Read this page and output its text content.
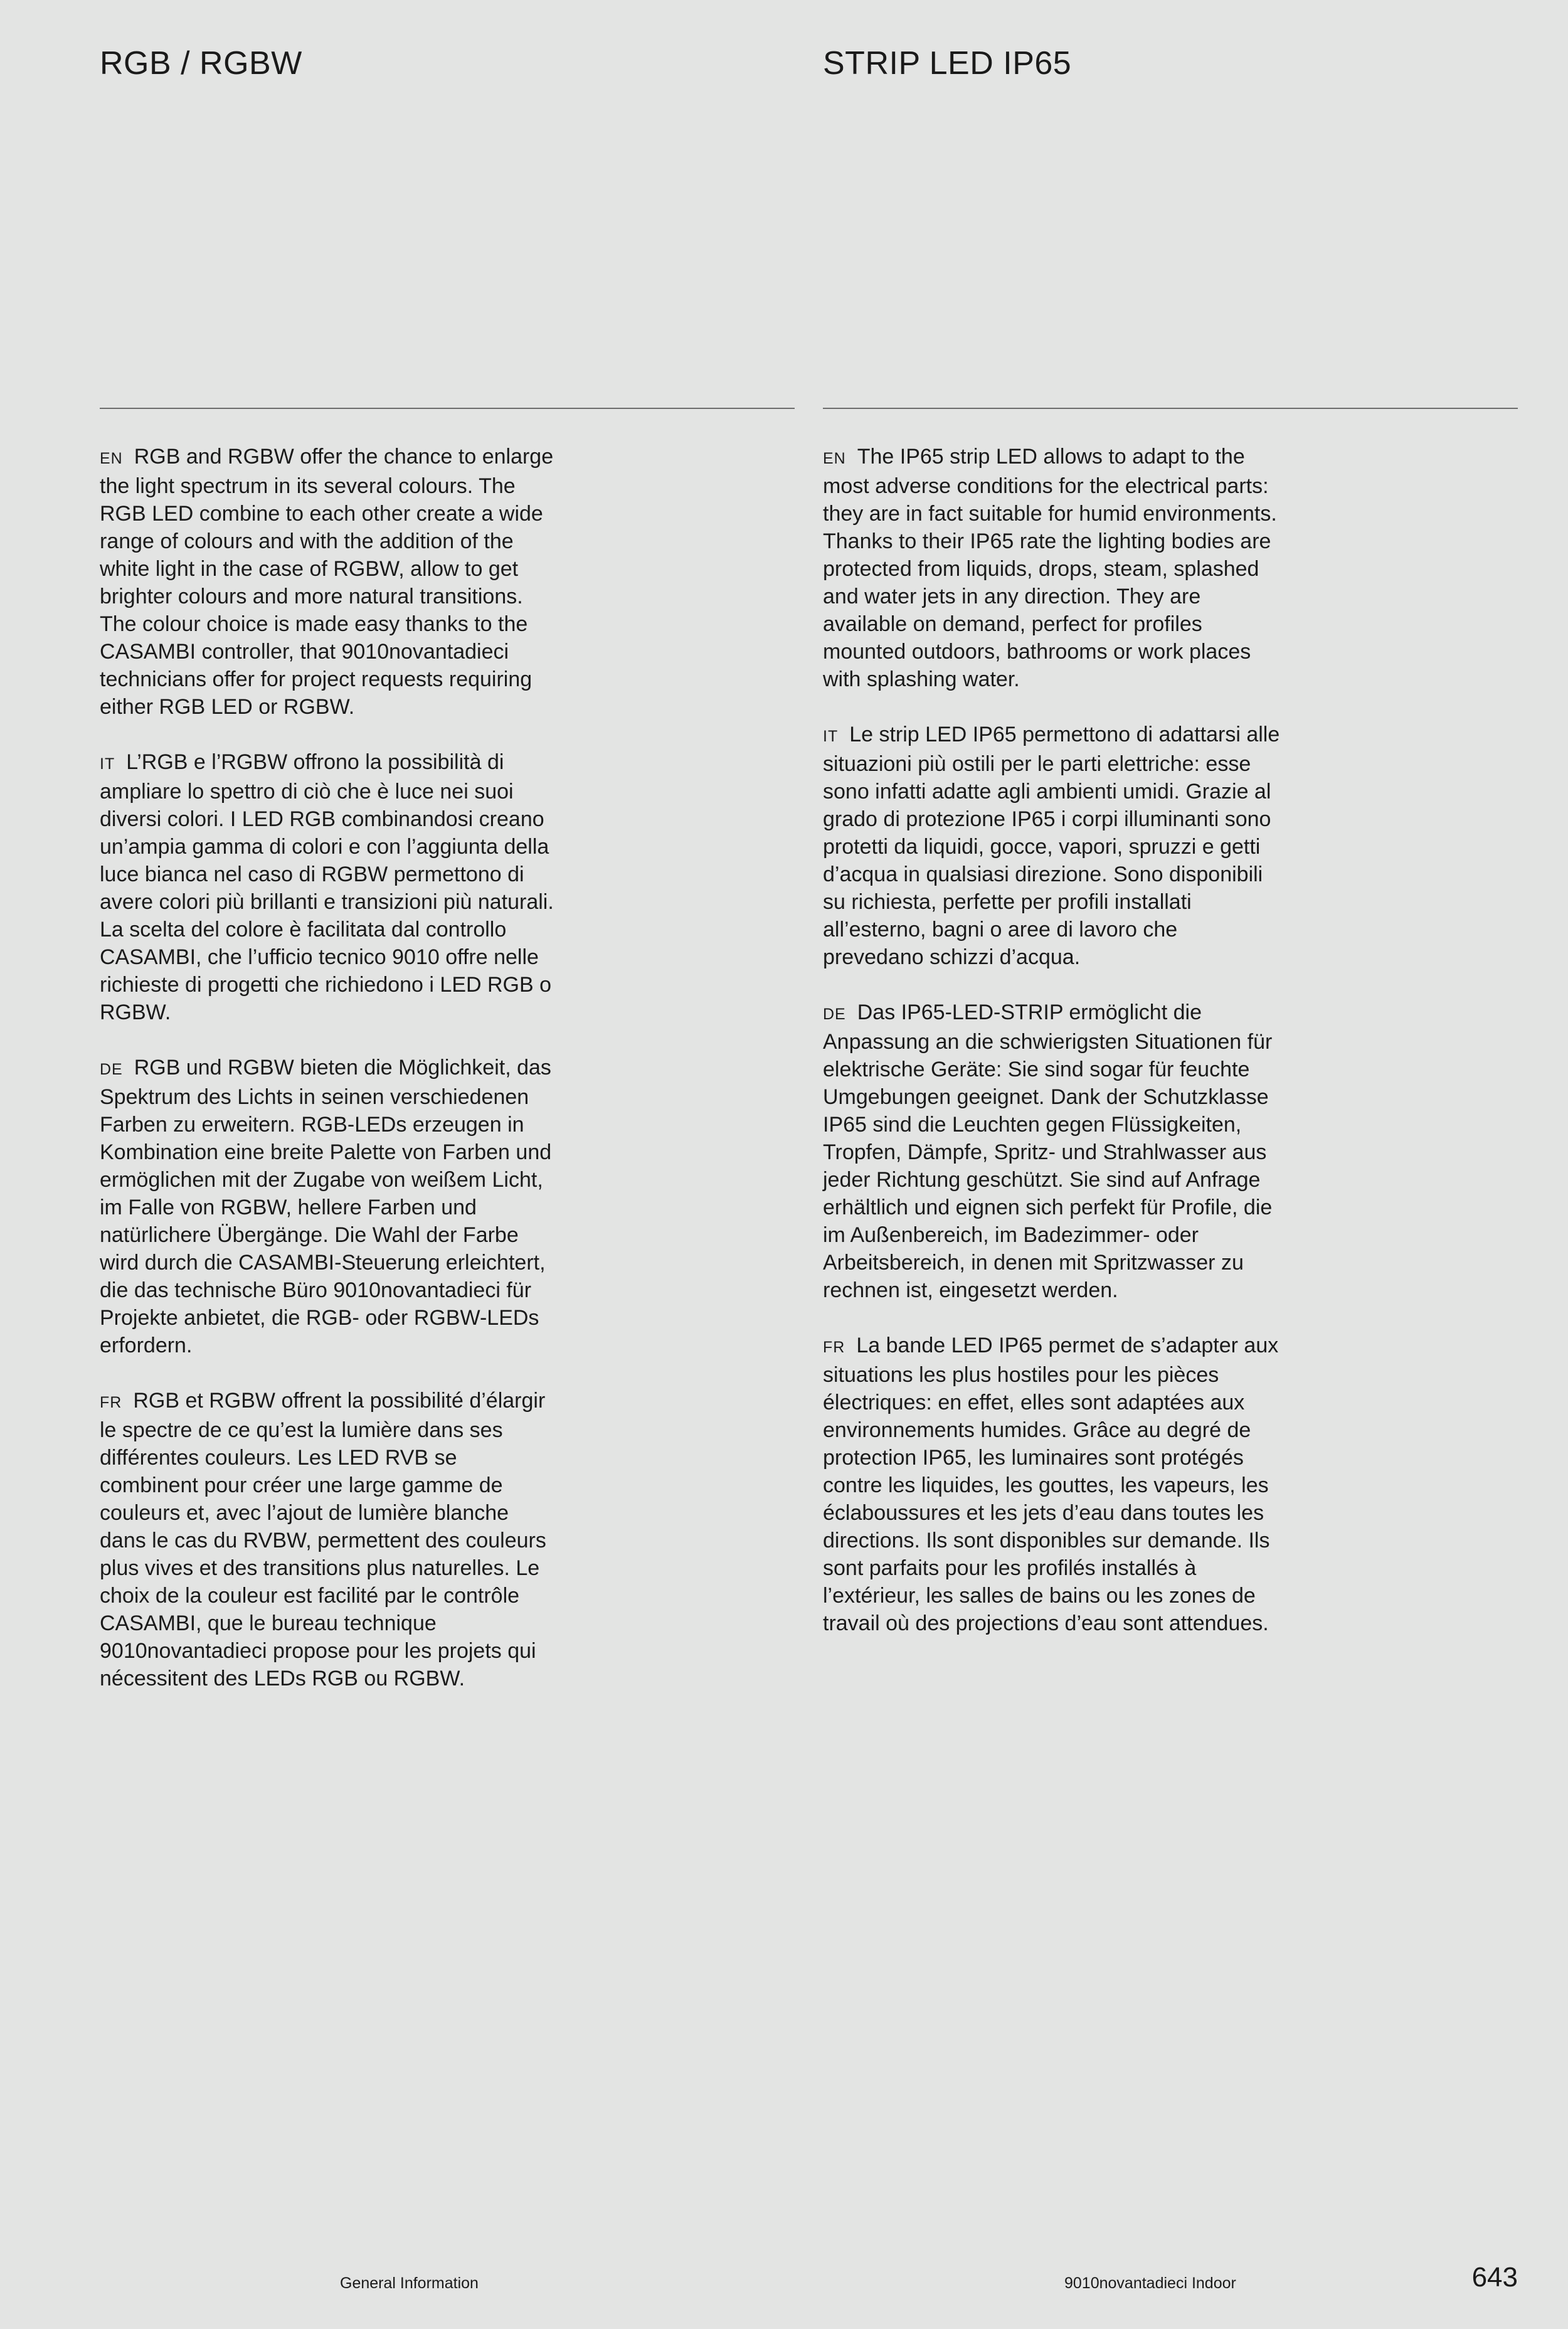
RGB / RGBW

EN RGB and RGBW offer the chance to enlarge the light spectrum in its several colours. The RGB LED combine to each other create a wide range of colours and with the addition of the white light in the case of RGBW, allow to get brighter colours and more natural transitions. The colour choice is made easy thanks to the CASAMBI controller, that 9010novantadieci technicians offer for project requests requiring either RGB LED or RGBW.

IT L’RGB e l’RGBW offrono la possibilità di ampliare lo spettro di ciò che è luce nei suoi diversi colori. I LED RGB combinandosi creano un’ampia gamma di colori e con l’aggiunta della luce bianca nel caso di RGBW permettono di avere colori più brillanti e transizioni più naturali. La scelta del colore è facilitata dal controllo CASAMBI, che l’ufficio tecnico 9010 offre nelle richieste di progetti che richiedono i LED RGB o RGBW.

DE RGB und RGBW bieten die Möglichkeit, das Spektrum des Lichts in seinen verschiedenen Farben zu erweitern. RGB-LEDs erzeugen in Kombination eine breite Palette von Farben und ermöglichen mit der Zugabe von weißem Licht, im Falle von RGBW, hellere Farben und natürlichere Übergänge. Die Wahl der Farbe wird durch die CASAMBI-Steuerung erleichtert, die das technische Büro 9010novantadieci für Projekte anbietet, die RGB- oder RGBW-LEDs erfordern.

FR RGB et RGBW offrent la possibilité d’élargir le spectre de ce qu’est la lumière dans ses différentes couleurs. Les LED RVB se combinent pour créer une large gamme de couleurs et, avec l’ajout de lumière blanche dans le cas du RVBW, permettent des couleurs plus vives et des transitions plus naturelles. Le choix de la couleur est facilité par le contrôle CASAMBI, que le bureau technique 9010novantadieci propose pour les projets qui nécessitent des LEDs RGB ou RGBW.

STRIP LED IP65

EN The IP65 strip LED allows to adapt to the most adverse conditions for the electrical parts: they are in fact suitable for humid environments. Thanks to their IP65 rate the lighting bodies are protected from liquids, drops, steam, splashed and water jets in any direction. They are available on demand, perfect for profiles mounted outdoors, bathrooms or work places with splashing water.

IT Le strip LED IP65 permettono di adattarsi alle situazioni più ostili per le parti elettriche: esse sono infatti adatte agli ambienti umidi. Grazie al grado di protezione IP65 i corpi illuminanti sono protetti da liquidi, gocce, vapori, spruzzi e getti d’acqua in qualsiasi direzione. Sono disponibili su richiesta, perfette per profili installati all’esterno, bagni o aree di lavoro che prevedano schizzi d’acqua.

DE Das IP65-LED-STRIP ermöglicht die Anpassung an die schwierigsten Situationen für elektrische Geräte: Sie sind sogar für feuchte Umgebungen geeignet. Dank der Schutzklasse IP65 sind die Leuchten gegen Flüssigkeiten, Tropfen, Dämpfe, Spritz- und Strahlwasser aus jeder Richtung geschützt. Sie sind auf Anfrage erhältlich und eignen sich perfekt für Profile, die im Außenbereich, im Badezimmer- oder Arbeitsbereich, in denen mit Spritzwasser zu rechnen ist, eingesetzt werden.

FR La bande LED IP65 permet de s’adapter aux situations les plus hostiles pour les pièces électriques: en effet, elles sont adaptées aux environnements humides. Grâce au degré de protection IP65, les luminaires sont protégés contre les liquides, les gouttes, les vapeurs, les éclaboussures et les jets d’eau dans toutes les directions. Ils sont disponibles sur demande. Ils sont parfaits pour les profilés installés à l’extérieur, les salles de bains ou les zones de travail où des projections d’eau sont attendues.

General Information	9010novantadieci Indoor	643
